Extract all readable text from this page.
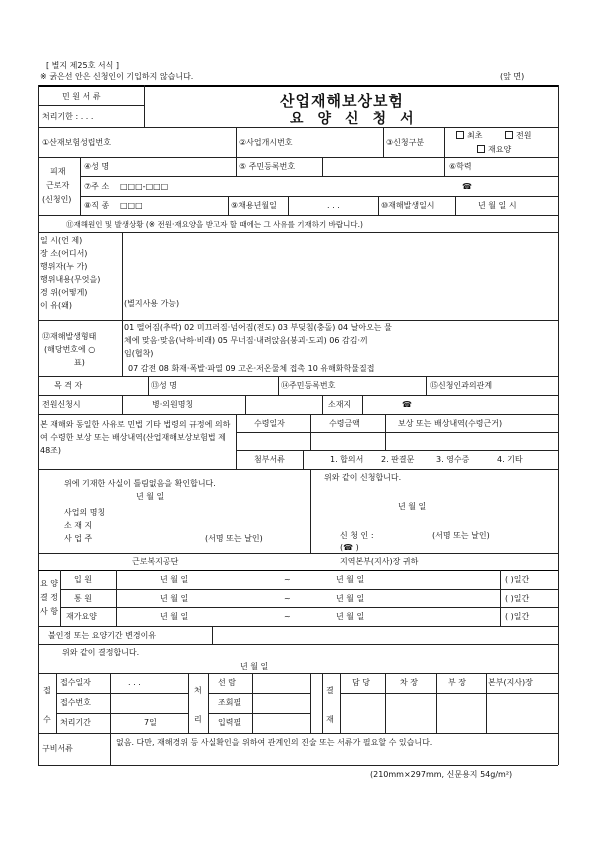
[ 별지 제25호 서식 ]
※ 굵은선 안은 신청인이 기입하지 않습니다.	(앞 면)
민 원 서 류
처리기한 : . . .
산업재해보상보험
요양신청서
①산재보험성립번호	②사업개시번호	③신청구분
최초	전원
재요양
피재
근로자
(신청인)
④성 명	⑤ 주민등록번호	⑥학력
⑦주 소 □□□-□□□	☎
⑧직 종 □□□	⑨채용년월일	. . .	⑩재해발생일시	년 월 일 시
⑪재해원인 및 발생상황 (※ 전원·재요양을 받고자 할 때에는 그 사유를 기재하기 바랍니다.)
일 시(언 제)
장 소(어디서)
행위자(누 가)
행위내용(무엇을)
경 위(어떻게)
이 유(왜)	(별지사용 가능)
⑫재해발생형태
(해당번호에 ○
표)
01 떨어짐(추락) 02 미끄러짐·넘어짐(전도) 03 부딪침(충돌) 04 날아오는 물
체에 맞음·맞음(낙하·비래) 05 무너짐·내려앉음(붕괴·도괴) 06 감김·끼
임(협착)
07 감전 08 화재·폭발·파열 09 고온·저온물체 접촉 10 유해화학물질접
목 격 자	⑬성 명	⑭주민등록번호	⑮신청인과의관계
전원신청시	병·의원명칭	소재지	☎
본 재해와 동일한 사유로 민법 기타 법령의 규정에 의하여 수령한 보상 또는 배상내역(산업재해보상보험법 제48조)
수령일자	수령금액	보상 또는 배상내역(수령근거)
첨부서류	1. 합의서 2. 판결문	3. 영수증	4. 기타
위에 기재한 사실이 틀림없음을 확인합니다.
년 월 일
사업의 명칭
소 재 지
사 업 주	(서명 또는 날인)
위와 같이 신청합니다.
년 월 일
신 청 인 :	(서명 또는 날인)
(☎ )
근로복지공단	지역본부(지사)장 귀하
요 양
결 정
사 항
입 원	년 월 일	~	년 월 일	( )일간
통 원	년 월 일	~	년 월 일	( )일간
재가요양	년 월 일	~	년 월 일	( )일간
불인정 또는 요양기간 변경이유
위와 같이 결정합니다.
년 월 일
접
수
접수일자	. . .
접수번호
처리기간	7일
처
리
선 람
조회필
입력필
결
재
담 당	차 장	부 장	본부(지사)장
구비서류
없음. 다만, 재해경위 등 사실확인을 위하여 관계인의 진술 또는 서류가 필요할 수 있습니다.
(210mm×297mm, 신문용지 54g/m²)
